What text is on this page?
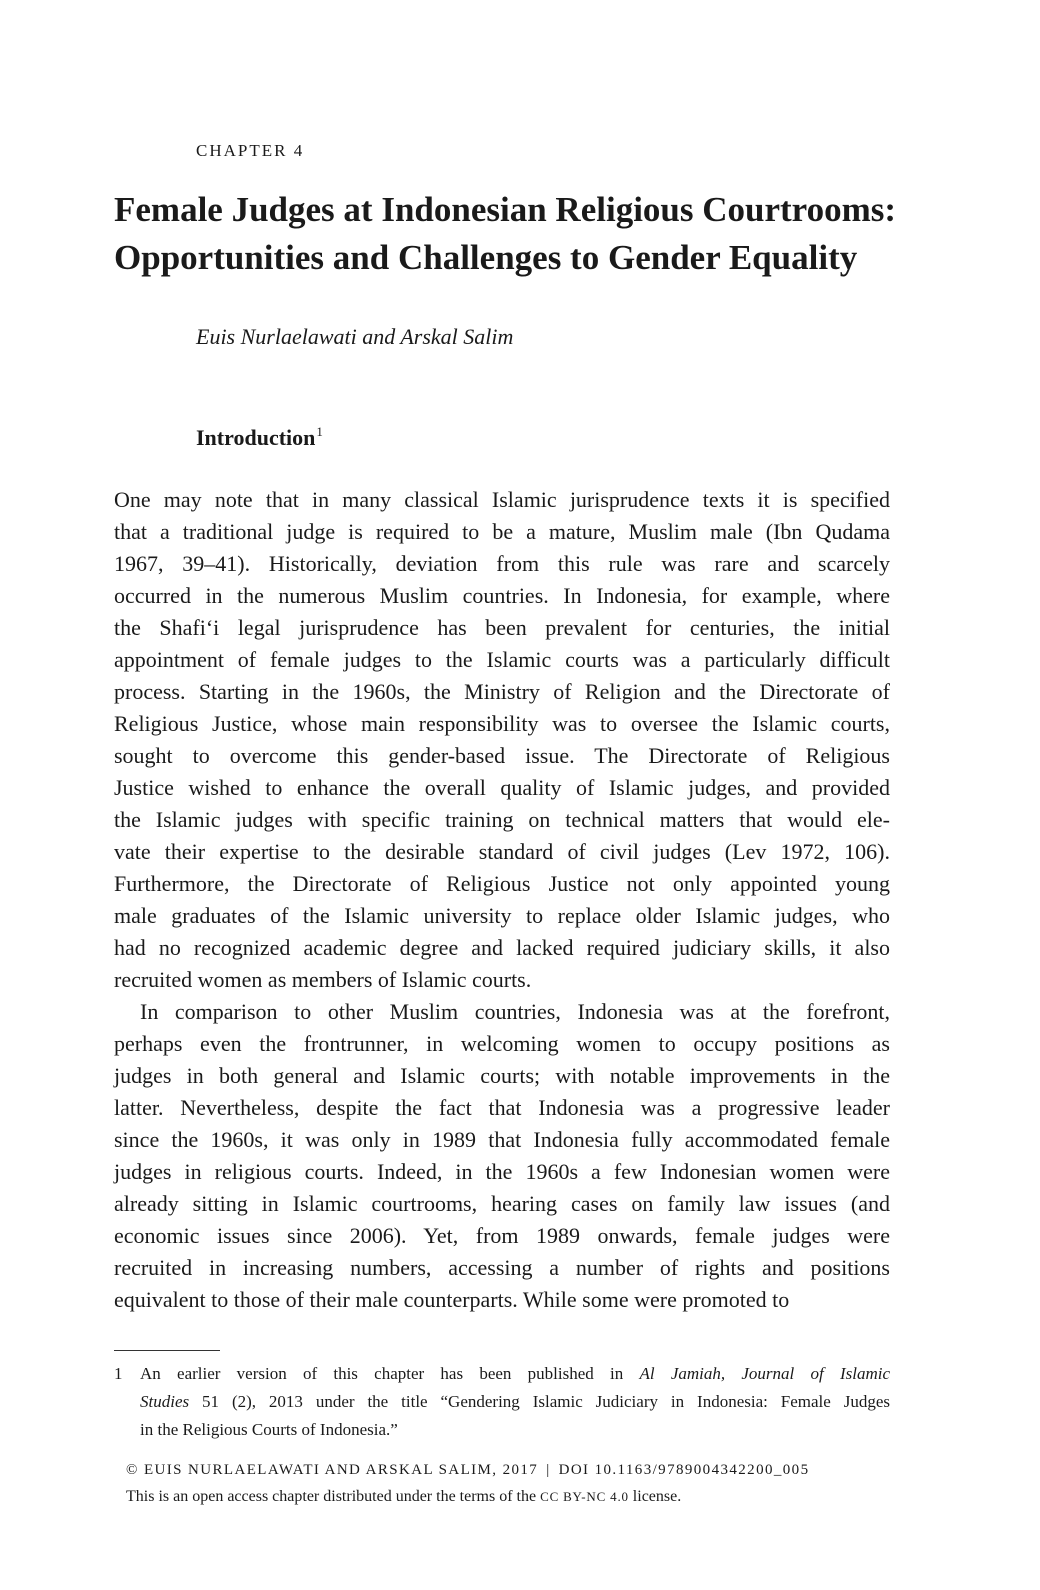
CHAPTER 4

Female Judges at Indonesian Religious Courtrooms:
Opportunities and Challenges to Gender Equality

Euis Nurlaelawati and Arskal Salim

Introduction$^1$
One may note that in many classical Islamic jurisprudence texts it is specified
that a traditional judge is required to be a mature, Muslim male (Ibn Qudama
1967, 39–41). Historically, deviation from this rule was rare and scarcely
occurred in the numerous Muslim countries. In Indonesia, for example, where
the Shafi‘i legal jurisprudence has been prevalent for centuries, the initial
appointment of female judges to the Islamic courts was a particularly difficult
process. Starting in the 1960s, the Ministry of Religion and the Directorate of
Religious Justice, whose main responsibility was to oversee the Islamic courts,
sought to overcome this gender-based issue. The Directorate of Religious
Justice wished to enhance the overall quality of Islamic judges, and provided
the Islamic judges with specific training on technical matters that would ele-
vate their expertise to the desirable standard of civil judges (Lev 1972, 106).
Furthermore, the Directorate of Religious Justice not only appointed young
male graduates of the Islamic university to replace older Islamic judges, who
had no recognized academic degree and lacked required judiciary skills, it also
recruited women as members of Islamic courts.
In comparison to other Muslim countries, Indonesia was at the forefront,
perhaps even the frontrunner, in welcoming women to occupy positions as
judges in both general and Islamic courts; with notable improvements in the
latter. Nevertheless, despite the fact that Indonesia was a progressive leader
since the 1960s, it was only in 1989 that Indonesia fully accommodated female
judges in religious courts. Indeed, in the 1960s a few Indonesian women were
already sitting in Islamic courtrooms, hearing cases on family law issues (and
economic issues since 2006). Yet, from 1989 onwards, female judges were
recruited in increasing numbers, accessing a number of rights and positions
equivalent to those of their male counterparts. While some were promoted to
1 An earlier version of this chapter has been published in Al Jamiah, Journal of Islamic
Studies 51 (2), 2013 under the title “Gendering Islamic Judiciary in Indonesia: Female Judges
in the Religious Courts of Indonesia.”
© EUIS NURLAELAWATI AND ARSKAL SALIM, 2017 | DOI 10.1163/9789004342200_005
This is an open access chapter distributed under the terms of the CC BY-NC 4.0 license.
